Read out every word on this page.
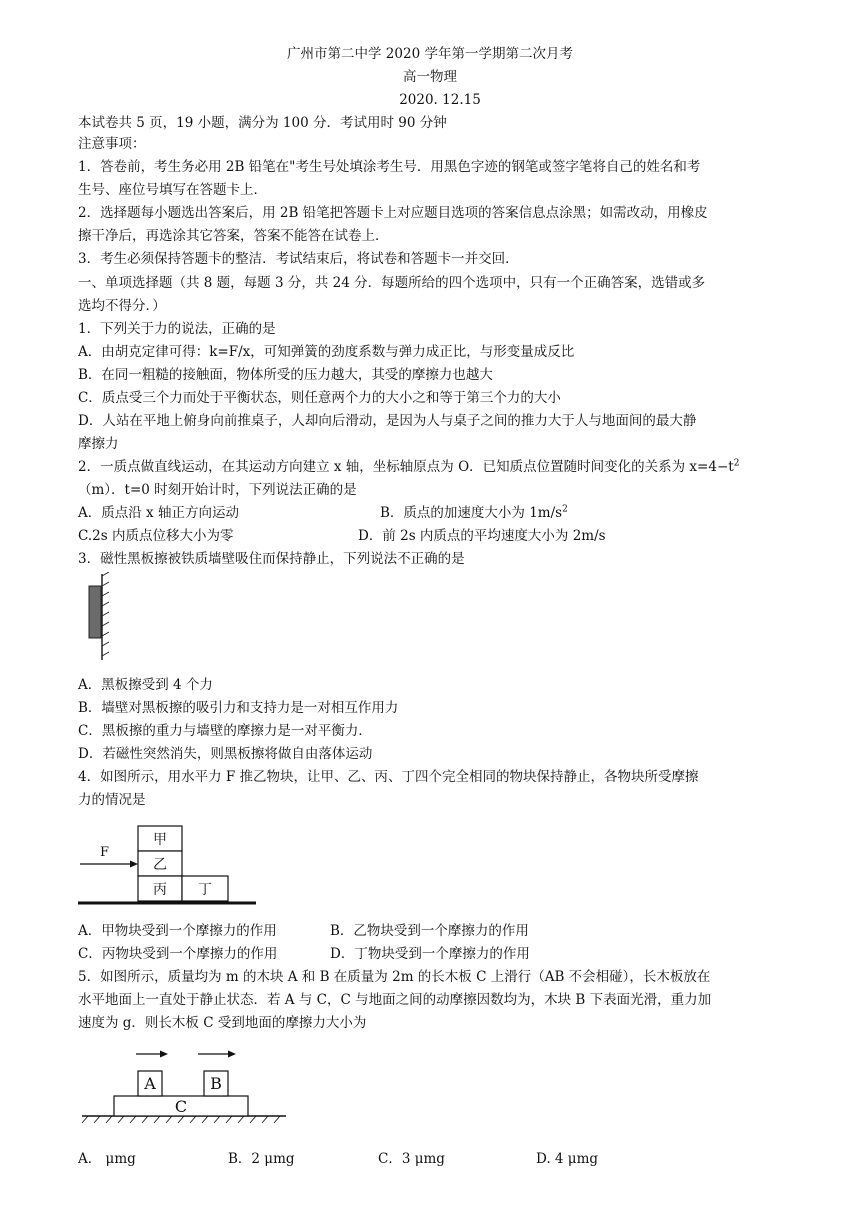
广州市第二中学 2020 学年第一学期第二次月考
高一物理
2020. 12.15
本试卷共 5 页，19 小题，满分为 100 分．考试用时 90 分钟
注意事项：
1．答卷前，考生务必用 2B 铅笔在"考生号处填涂考生号．用黑色字迹的钢笔或签字笔将自己的姓名和考
生号、座位号填写在答题卡上．
2．选择题每小题选出答案后，用 2B 铅笔把答题卡上对应题目选项的答案信息点涂黑；如需改动，用橡皮
擦干净后，再选涂其它答案，答案不能答在试卷上．
3．考生必须保持答题卡的整洁．考试结束后，将试卷和答题卡一并交回．
一、单项选择题（共 8 题，每题 3 分，共 24 分．每题所给的四个选项中，只有一个正确答案，选错或多
选均不得分．）
1．下列关于力的说法，正确的是
A．由胡克定律可得：k=F/x，可知弹簧的劲度系数与弹力成正比，与形变量成反比
B．在同一粗糙的接触面，物体所受的压力越大，其受的摩擦力也越大
C．质点受三个力而处于平衡状态，则任意两个力的大小之和等于第三个力的大小
D．人站在平地上俯身向前推桌子，人却向后滑动，是因为人与桌子之间的推力大于人与地面间的最大静
摩擦力
2．一质点做直线运动，在其运动方向建立 x 轴，坐标轴原点为 O．已知质点位置随时间变化的关系为 $x=4-t^2$
（m）．t=0 时刻开始计时，下列说法正确的是
A．质点沿 x 轴正方向运动	B．质点的加速度大小为 $1m/s^2$
C.2s 内质点位移大小为零	D．前 2s 内质点的平均速度大小为 2m/s
3．磁性黑板擦被铁质墙壁吸住而保持静止，下列说法不正确的是
A．黑板擦受到 4 个力
B．墙壁对黑板擦的吸引力和支持力是一对相互作用力
C．黑板擦的重力与墙壁的摩擦力是一对平衡力．
D．若磁性突然消失，则黑板擦将做自由落体运动
4．如图所示，用水平力 F 推乙物块，让甲、乙、丙、丁四个完全相同的物块保持静止，各物块所受摩擦
力的情况是
F
甲
乙
丙 丁
A．甲物块受到一个摩擦力的作用	B．乙物块受到一个摩擦力的作用
C．丙物块受到一个摩擦力的作用	D．丁物块受到一个摩擦力的作用
5．如图所示，质量均为 m 的木块 A 和 B 在质量为 2m 的长木板 C 上滑行（AB 不会相碰），长木板放在
水平地面上一直处于静止状态．若 A 与 C，C 与地面之间的动摩擦因数均为，木块 B 下表面光滑，重力加
速度为 g．则长木板 C 受到地面的摩擦力大小为
A	B
C
A． μmg	B．2 μmg	C．3 μmg	D. 4 μmg
